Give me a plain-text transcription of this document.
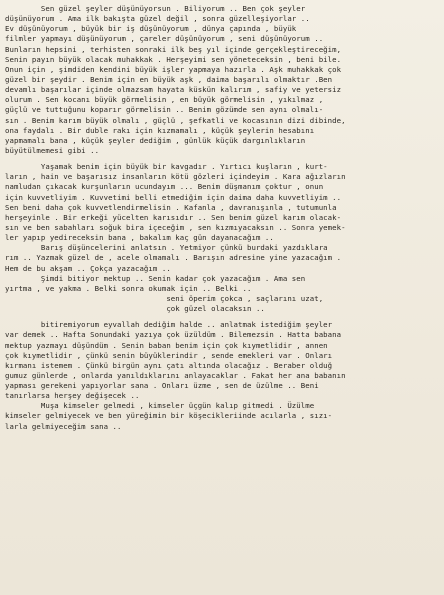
Sen güzel şeyler düşünüyorsun . Biliyorum .. Ben çok şeyler
düşünüyorum . Ama ilk bakışta güzel değil , sonra güzelleşiyorlar ..
Ev düşünüyorum , büyük bir iş düşünüyorum , dünya çapında , büyük
filmler yapmayı düşünüyorum , çareler düşünüyorum , seni düşünüyorum ..
Bunların hepsini , terhisten sonraki ilk beş yıl içinde gerçekleştireceğim,
Senin payın büyük olacak muhakkak . Herşeyimi sen yöneteceksin , beni bile.
Onun için , şimdiden kendini büyük işler yapmaya hazırla . Aşk muhakkak çok
güzel bir şeydir . Benim için en büyük aşk , daima başarılı olmaktır .Ben
devamlı başarılar içinde olmazsam hayata küskün kalırım , safiy ve yetersiz
olurum . Sen kocanı büyük görmelisin , en büyük görmelisin , yıkılmaz ,
güçlü ve tuttuğunu koparır görmelisin .. Benim gözümde sen aynı olmalı-
sın . Benim karım büyük olmalı , güçlü , şefkatli ve kocasının dizi dibinde,
ona faydalı . Bir duble rakı için kızmamalı , küçük şeylerin hesabını
yapmamalı bana , küçük şeyler dediğim , günlük küçük dargınlıkların
büyütülmemesi gibi ..
Yaşamak benim için büyük bir kavgadır . Yırtıcı kuşların , kurt-
ların , hain ve başarısız insanların kötü gözleri içindeyim . Kara ağızların
namludan çıkacak kurşunların ucundayım ... Benim düşmanım çoktur , onun
için kuvvetliyim . Kuvvetimi belli etmediğim için daima daha kuvvetliyim ..
Sen beni daha çok kuvvetlendirmelisin . Kafanla , davranışınla , tutumunla
herşeyinle . Bir erkeği yücelten karısıdır .. Sen benim güzel karım olacak-
sın ve ben sabahları soğuk bira içeceğim , sen kızmıyacaksın .. Sonra yemek-
ler yapıp yedireceksin bana , bakalım kaç gün dayanacağım ..
Barış düşüncelerini anlatsın . Yetmiyor çünkü burdaki yazdıklara
rım .. Yazmak güzel de , acele olmamalı . Barışın adresine yine yazacağım .
Hem de bu akşam .. Çokça yazacağım ..
Şimdi bitiyor mektup .. Senin kadar çok yazacağım . Ama sen
yırtma , ve yakma . Belki sonra okumak için .. Belki ..
seni öperim çokca , saçlarını uzat,
çok güzel olacaksın ..
bitiremiyorum eyvallah dediğim halde .. anlatmak istediğim şeyler
var demek .. Hafta Sonundaki yazıya çok üzüldüm . Bilemezsin . Hatta babana
mektup yazmayı düşündüm . Senin baban benim için çok kıymetlidir , annen
çok kıymetlidir , çünkü senin büyüklerindir , sende emekleri var . Onları
kırmanı istemem . Çünkü birgün aynı çatı altında olacağız . Beraber olduğ
gumuz günlerde , onlarda yanıldıklarını anlayacaklar . Fakat her ana babanın
yapması gerekeni yapıyorlar sana . Onları üzme , sen de üzülme .. Beni
tanırlarsa herşey değişecek ..
Muşa kimseler gelmedi , kimseler üçgün kalıp gitmedi . Üzülme
kimseler gelmiyecek ve ben yüreğimin bir köşecikleriinde acılarla , sızı-
larla gelmiyeceğim sana ..
